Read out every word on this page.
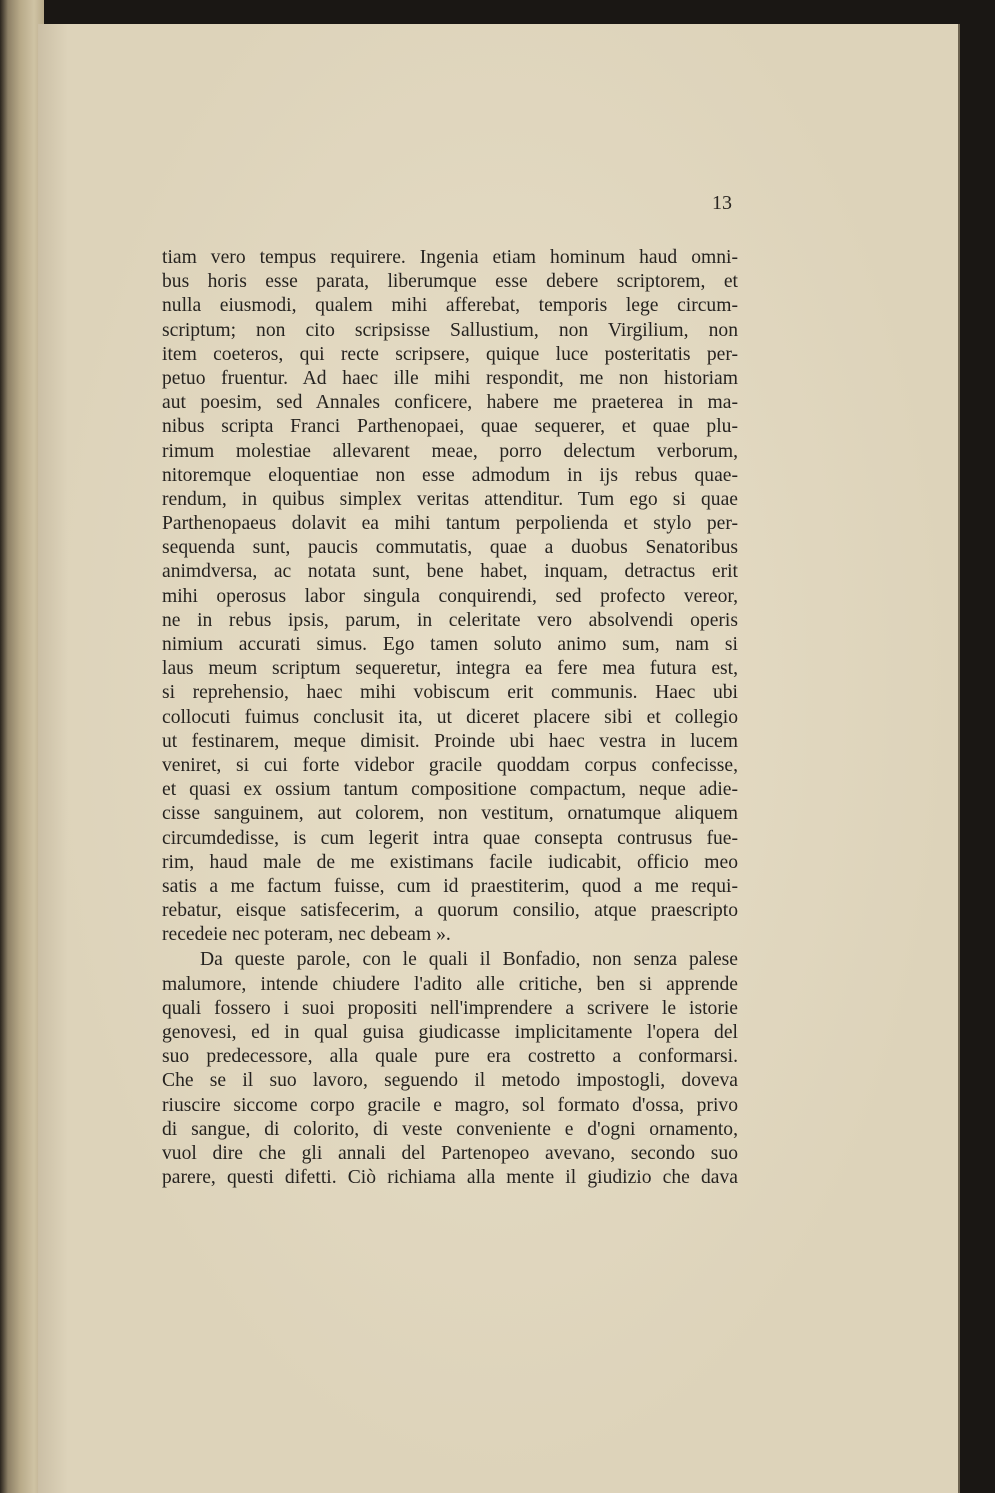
13
tiam vero tempus requirere. Ingenia etiam hominum haud omni-
bus horis esse parata, liberumque esse debere scriptorem, et
nulla eiusmodi, qualem mihi afferebat, temporis lege circum-
scriptum; non cito scripsisse Sallustium, non Virgilium, non
item coeteros, qui recte scripsere, quique luce posteritatis per-
petuo fruentur. Ad haec ille mihi respondit, me non historiam
aut poesim, sed Annales conficere, habere me praeterea in ma-
nibus scripta Franci Parthenopaei, quae sequerer, et quae plu-
rimum molestiae allevarent meae, porro delectum verborum,
nitoremque eloquentiae non esse admodum in ijs rebus quae-
rendum, in quibus simplex veritas attenditur. Tum ego si quae
Parthenopaeus dolavit ea mihi tantum perpolienda et stylo per-
sequenda sunt, paucis commutatis, quae a duobus Senatoribus
animdversa, ac notata sunt, bene habet, inquam, detractus erit
mihi operosus labor singula conquirendi, sed profecto vereor,
ne in rebus ipsis, parum, in celeritate vero absolvendi operis
nimium accurati simus. Ego tamen soluto animo sum, nam si
laus meum scriptum sequeretur, integra ea fere mea futura est,
si reprehensio, haec mihi vobiscum erit communis. Haec ubi
collocuti fuimus conclusit ita, ut diceret placere sibi et collegio
ut festinarem, meque dimisit. Proinde ubi haec vestra in lucem
veniret, si cui forte videbor gracile quoddam corpus confecisse,
et quasi ex ossium tantum compositione compactum, neque adie-
cisse sanguinem, aut colorem, non vestitum, ornatumque aliquem
circumdedisse, is cum legerit intra quae consepta contrusus fue-
rim, haud male de me existimans facile iudicabit, officio meo
satis a me factum fuisse, cum id praestiterim, quod a me requi-
rebatur, eisque satisfecerim, a quorum consilio, atque praescripto
recedeie nec poteram, nec debeam ».
Da queste parole, con le quali il Bonfadio, non senza palese
malumore, intende chiudere l'adito alle critiche, ben si apprende
quali fossero i suoi propositi nell'imprendere a scrivere le istorie
genovesi, ed in qual guisa giudicasse implicitamente l'opera del
suo predecessore, alla quale pure era costretto a conformarsi.
Che se il suo lavoro, seguendo il metodo impostogli, doveva
riuscire siccome corpo gracile e magro, sol formato d'ossa, privo
di sangue, di colorito, di veste conveniente e d'ogni ornamento,
vuol dire che gli annali del Partenopeo avevano, secondo suo
parere, questi difetti. Ciò richiama alla mente il giudizio che dava
